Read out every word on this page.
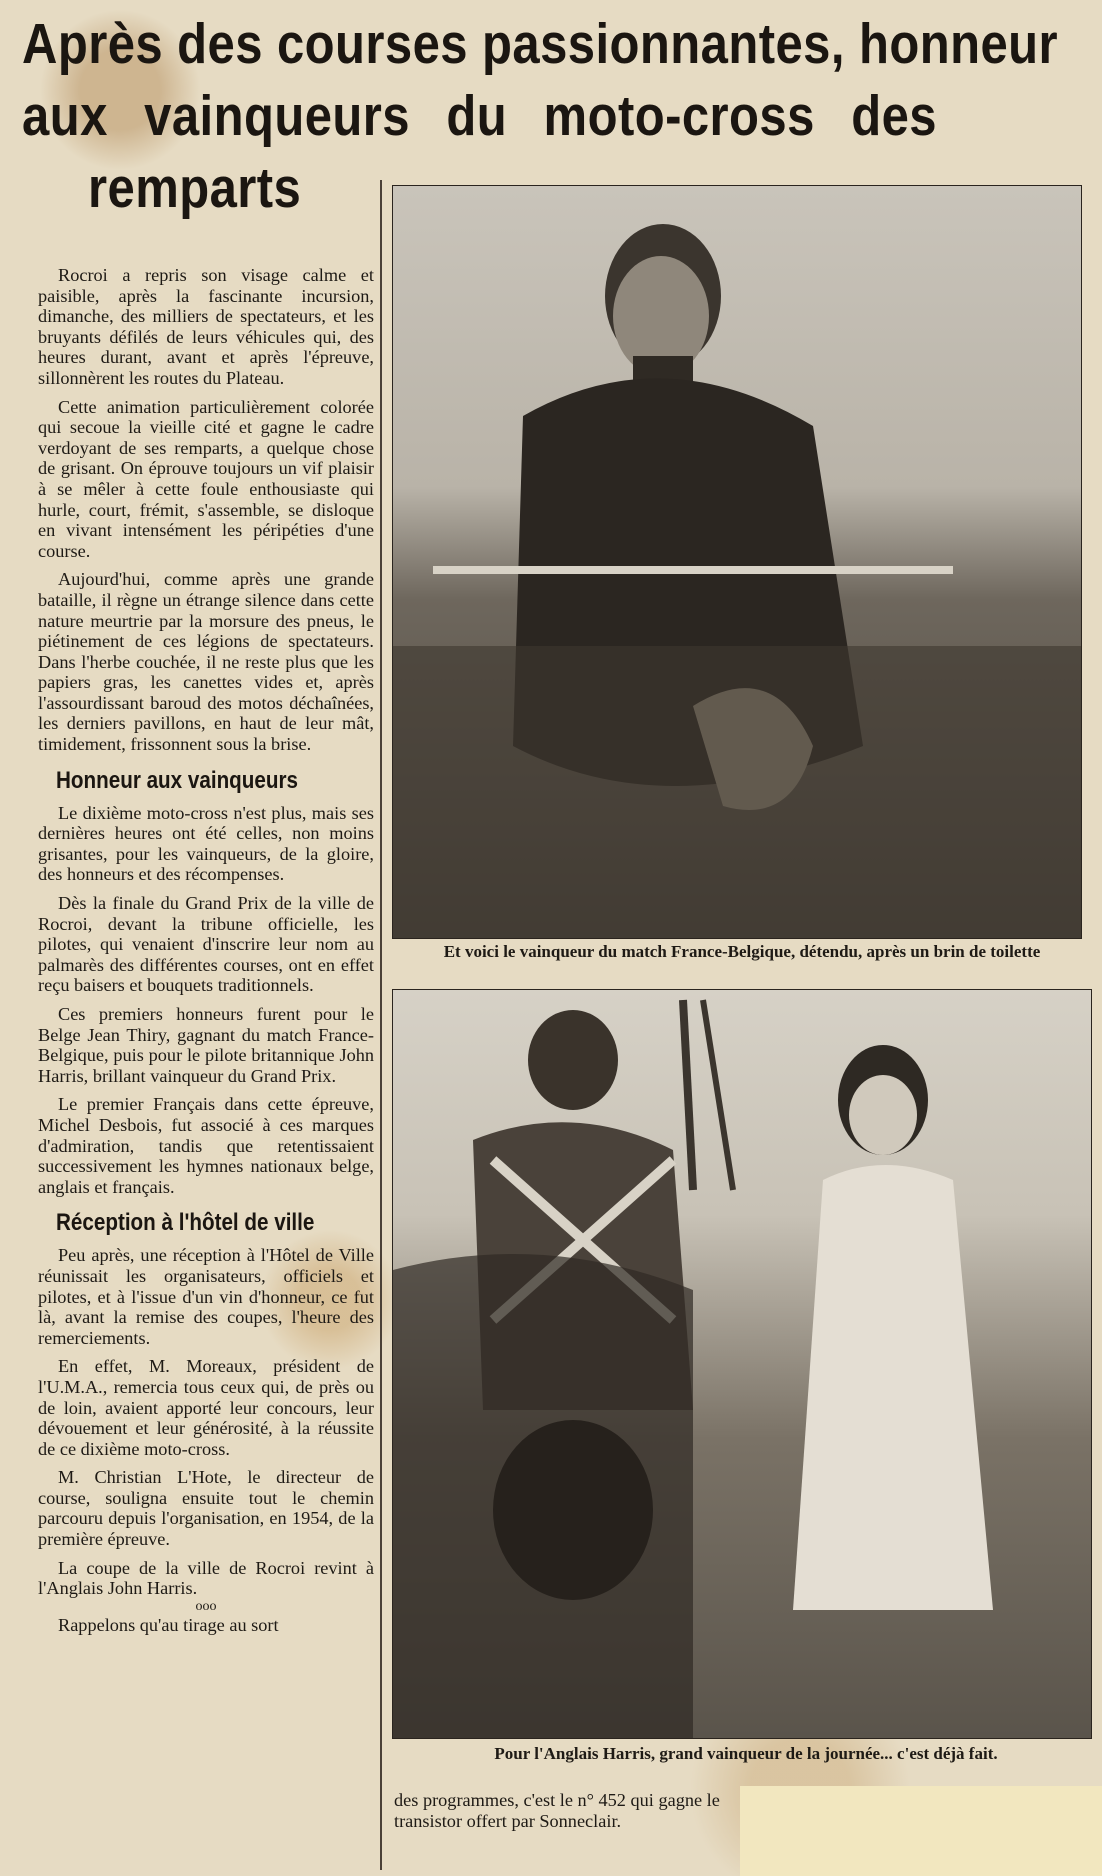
Après des courses passionnantes, honneur
aux vainqueurs du moto-cross des
remparts

Rocroi a repris son visage calme et paisible, après la fascinante incursion, dimanche, des milliers de spectateurs, et les bruyants défilés de leurs véhicules qui, des heures durant, avant et après l'épreuve, sillonnèrent les routes du Plateau.

Cette animation particulièrement colorée qui secoue la vieille cité et gagne le cadre verdoyant de ses remparts, a quelque chose de grisant. On éprouve toujours un vif plaisir à se mêler à cette foule enthousiaste qui hurle, court, frémit, s'assemble, se disloque en vivant intensément les péripéties d'une course.

Aujourd'hui, comme après une grande bataille, il règne un étrange silence dans cette nature meurtrie par la morsure des pneus, le piétinement de ces légions de spectateurs. Dans l'herbe couchée, il ne reste plus que les papiers gras, les canettes vides et, après l'assourdissant baroud des motos déchaînées, les derniers pavillons, en haut de leur mât, timidement, frissonnent sous la brise.

Honneur aux vainqueurs

Le dixième moto-cross n'est plus, mais ses dernières heures ont été celles, non moins grisantes, pour les vainqueurs, de la gloire, des honneurs et des récompenses.

Dès la finale du Grand Prix de la ville de Rocroi, devant la tribune officielle, les pilotes, qui venaient d'inscrire leur nom au palmarès des différentes courses, ont en effet reçu baisers et bouquets traditionnels.

Ces premiers honneurs furent pour le Belge Jean Thiry, gagnant du match France-Belgique, puis pour le pilote britannique John Harris, brillant vainqueur du Grand Prix.

Le premier Français dans cette épreuve, Michel Desbois, fut associé à ces marques d'admiration, tandis que retentissaient successivement les hymnes nationaux belge, anglais et français.

Réception à l'hôtel de ville

Peu après, une réception à l'Hôtel de Ville réunissait les organisateurs, officiels et pilotes, et à l'issue d'un vin d'honneur, ce fut là, avant la remise des coupes, l'heure des remerciements.

En effet, M. Moreaux, président de l'U.M.A., remercia tous ceux qui, de près ou de loin, avaient apporté leur concours, leur dévouement et leur générosité, à la réussite de ce dixième moto-cross.

M. Christian L'Hote, le directeur de course, souligna ensuite tout le chemin parcouru depuis l'organisation, en 1954, de la première épreuve.

La coupe de la ville de Rocroi revint à l'Anglais John Harris.

ooo

Rappelons qu'au tirage au sort

Et voici le vainqueur du match France-Belgique, détendu, après un brin de toilette
Pour l'Anglais Harris, grand vainqueur de la journée... c'est déjà fait.

des programmes, c'est le n° 452 qui gagne le transistor offert par Sonneclair.
